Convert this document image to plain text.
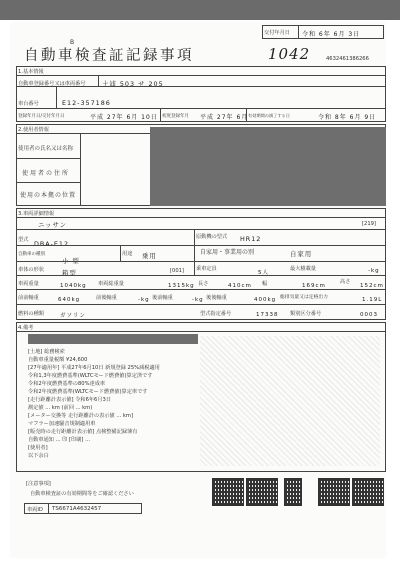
交付年月日 令和 6年 6月 3日
B
自動車検査証記録事項	1042	4632461386266
1.基本情報
自動車登録番号又は車両番号	土浦 503 せ 205
車台番号	E12-357186
登録年月日/交付年月日	平成 27年 6月 10日 初度登録年月 平成 27年 6月 有効期間の満了する日	令和 8年 6月 9日
2.使用者情報
使用者の氏名又は名称
使用者の住所
使用の本拠の位置
3.車両詳細情報
ニッサン	[219]
型式 DBA-E12
原動機の型式 HR12
自動車の種別
小 型
用途 乗用	自家用・事業用の別	自家用
車体の形状	箱型	[001] 乗車定員
5人
最大積載量	-kg
車両重量	1040kg 車両総重量	1315kg 長さ	410cm 幅	169cm
高さ
152cm
前前軸重	640kg	前後軸重	-kg 後前軸重	-kg 後後軸重	400kg 総排気量又は定格出力	1.19L
燃料の種類	ガソリン	型式指定番号	17338 類別区分番号	0003
4.備考
[土地] 総務検索
自動車重量税額 ¥24,600
[27年適用年] 平成27年6月10日 新規登録 25%減税適用
令和1,3年度燃費基準(WLTCモード燃費値)算定済です
令和2年度燃費基準の80%達成車
令和2年度燃費基準(WLTCモード燃費値)算定車です
[走行距離計表示値] 令和6年6月3日
測定値 ... km (前回 ... km)
[メーター交換等 走行距離計の表示値 ... km]
マフラー加速騒音規制適用車
[販売時の走行距離計表示値] 点検整備記録簿有
自動車通知 ... 印 [印刷] ...
[使用者]
以下余白
[注意事項]
自動車検査証の有効期間等をご確認ください
車両ID TS6671A4632457
